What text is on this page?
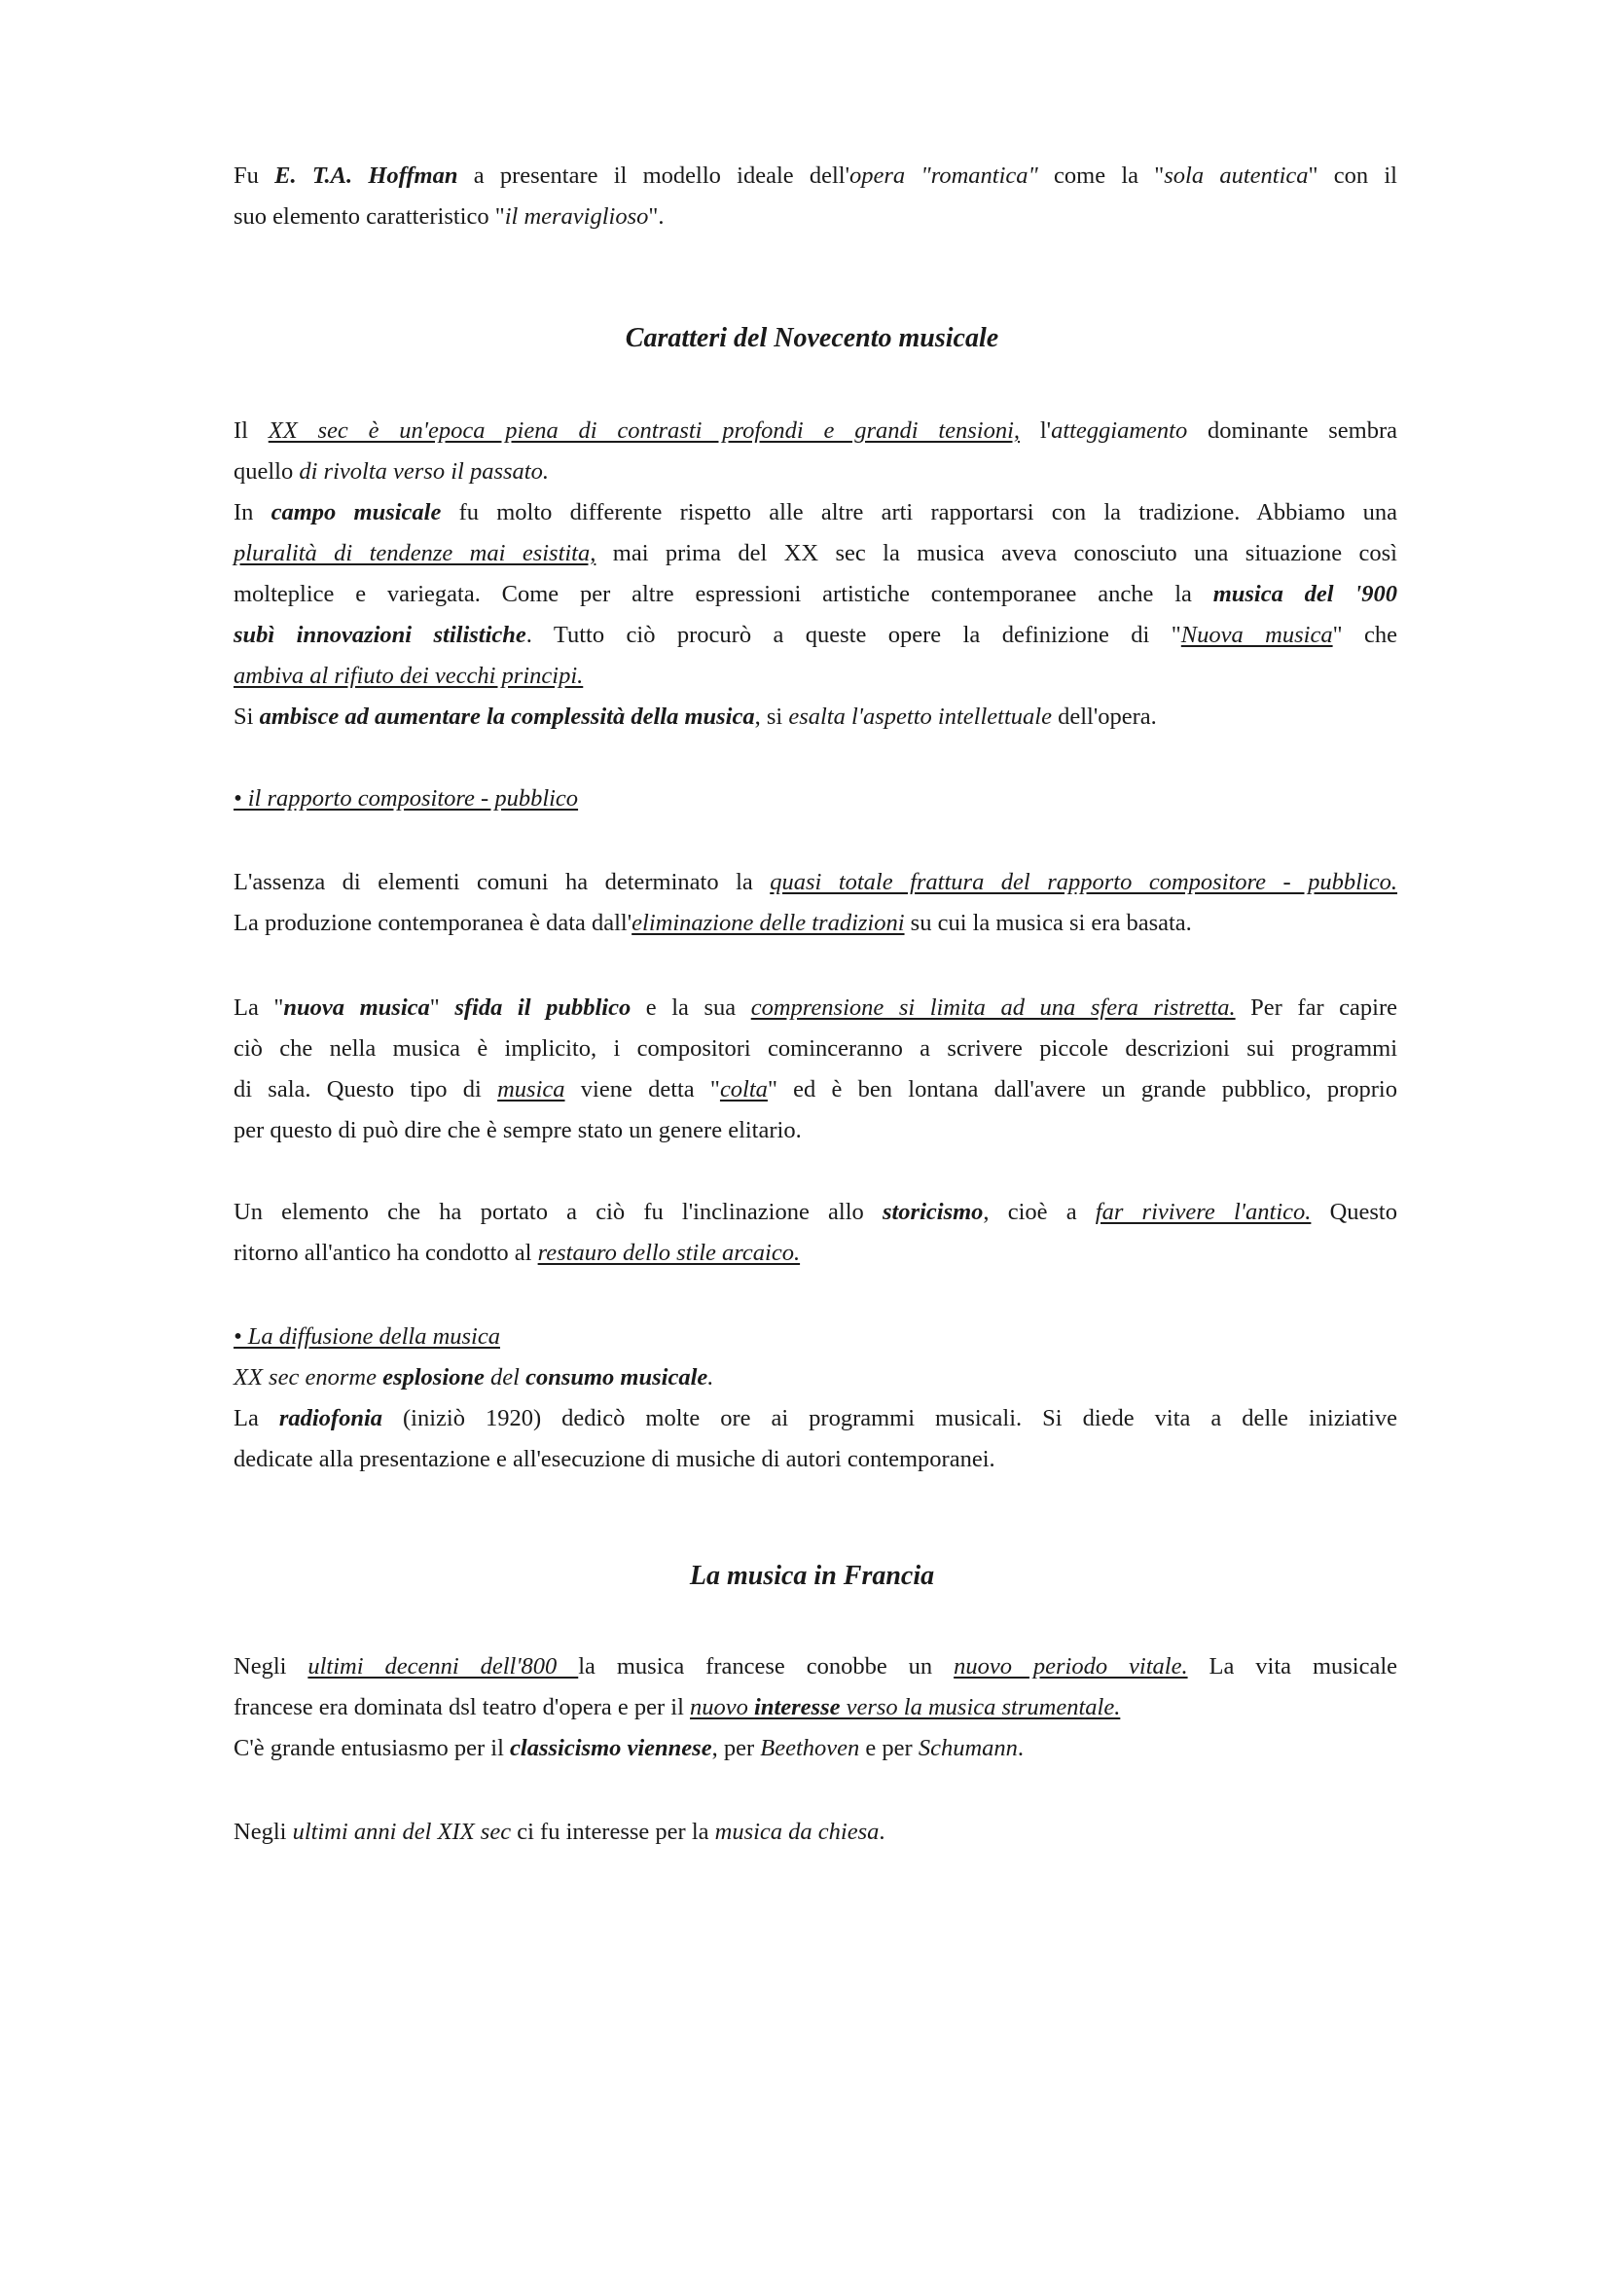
Fu E. T.A. Hoffman a presentare il modello ideale dell'opera "romantica" come la "sola autentica" con il
suo elemento caratteristico "il meraviglioso".
Caratteri del Novecento musicale
Il XX sec è un'epoca piena di contrasti profondi e grandi tensioni, l'atteggiamento dominante sembra
quello di rivolta verso il passato.
In campo musicale fu molto differente rispetto alle altre arti rapportarsi con la tradizione. Abbiamo una
pluralità di tendenze mai esistita, mai prima del XX sec la musica aveva conosciuto una situazione così
molteplice e variegata. Come per altre espressioni artistiche contemporanee anche la musica del '900
subì innovazioni stilistiche. Tutto ciò procurò a queste opere la definizione di "Nuova musica" che
ambiva al rifiuto dei vecchi principi.
Si ambisce ad aumentare la complessità della musica, si esalta l'aspetto intellettuale dell'opera.
• il rapporto compositore - pubblico
L'assenza di elementi comuni ha determinato la quasi totale frattura del rapporto compositore - pubblico.
La produzione contemporanea è data dall'eliminazione delle tradizioni su cui la musica si era basata.
La "nuova musica" sfida il pubblico e la sua comprensione si limita ad una sfera ristretta. Per far capire
ciò che nella musica è implicito, i compositori cominceranno a scrivere piccole descrizioni sui programmi
di sala. Questo tipo di musica viene detta "colta" ed è ben lontana dall'avere un grande pubblico, proprio
per questo di può dire che è sempre stato un genere elitario.
Un elemento che ha portato a ciò fu l'inclinazione allo storicismo, cioè a far rivivere l'antico. Questo
ritorno all'antico ha condotto al restauro dello stile arcaico.
• La diffusione della musica
XX sec enorme esplosione del consumo musicale.
La radiofonia (iniziò 1920) dedicò molte ore ai programmi musicali. Si diede vita a delle iniziative
dedicate alla presentazione e all'esecuzione di musiche di autori contemporanei.
La musica in Francia
Negli ultimi decenni dell'800 la musica francese conobbe un nuovo periodo vitale. La vita musicale
francese era dominata dsl teatro d'opera e per il nuovo interesse verso la musica strumentale.
C'è grande entusiasmo per il classicismo viennese, per Beethoven e per Schumann.
Negli ultimi anni del XIX sec ci fu interesse per la musica da chiesa.
